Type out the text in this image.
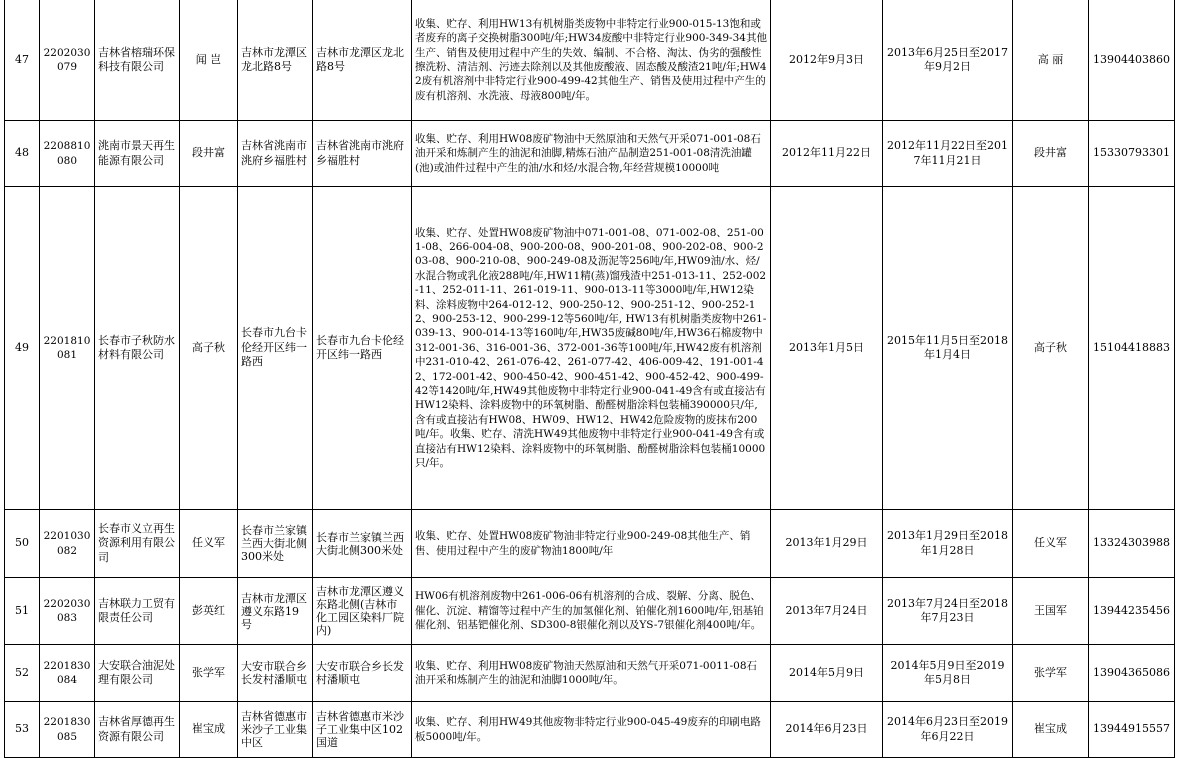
47	2202030079	吉林省榕瑞环保科技有限公司	闻 岂	吉林市龙潭区龙北路8号	吉林市龙潭区龙北路8号	收集、贮存、利用HW13有机树脂类废物中非特定行业900-015-13饱和或者废弃的离子交换树脂300吨/年;HW34废酸中非特定行业900-349-34其他生产、销售及使用过程中产生的失效、编制、不合格、淘汰、伪劣的强酸性擦洗粉、清洁剂、污迹去除剂以及其他废酸液、固态酸及酸渣21吨/年;HW42废有机溶剂中非特定行业900-499-42其他生产、销售及使用过程中产生的废有机溶剂、水洗液、母液800吨/年。	2012年9月3日	2013年6月25日至2017年9月2日	高 丽	13904403860
48	2208810080	洮南市景天再生能源有限公司	段井富	吉林省洮南市洮府乡福胜村	吉林省洮南市洮府乡福胜村	收集、贮存、利用HW08废矿物油中天然原油和天然气开采071-001-08石油开采和炼制产生的油泥和油脚,精炼石油产品制造251-001-08清洗油罐(池)或油件过程中产生的油/水和烃/水混合物,年经营规模10000吨	2012年11月22日	2012年11月22日至2017年11月21日	段井富	15330793301
49	2201810081	长春市子秋防水材料有限公司	高子秋	长春市九台卡伦经开区纬一路西	长春市九台卡伦经开区纬一路西	收集、贮存、处置HW08废矿物油中071-001-08、071-002-08、251-001-08、266-004-08、900-200-08、900-201-08、900-202-08、900-203-08、900-210-08、900-249-08及沥泥等256吨/年,HW09油/水、烃/水混合物或乳化液288吨/年,HW11精(蒸)馏残渣中251-013-11、252-002-11、252-011-11、261-019-11、900-013-11等3000吨/年,HW12染料、涂料废物中264-012-12、900-250-12、900-251-12、900-252-12、900-253-12、900-299-12等560吨/年, HW13有机树脂类废物中261-039-13、900-014-13等160吨/年,HW35废碱80吨/年,HW36石棉废物中312-001-36、316-001-36、372-001-36等100吨/年,HW42废有机溶剂中231-010-42、261-076-42、261-077-42、406-009-42、191-001-42、172-001-42、900-450-42、900-451-42、900-452-42、900-499-42等1420吨/年,HW49其他废物中非特定行业900-041-49含有或直接沾有HW12染料、涂料废物中的环氧树脂、酚醛树脂涂料包装桶390000只/年,含有或直接沾有HW08、HW09、HW12、HW42危险废物的废抹布200吨/年。收集、贮存、清洗HW49其他废物中非特定行业900-041-49含有或直接沾有HW12染料、涂料废物中的环氧树脂、酚醛树脂涂料包装桶10000只/年。	2013年1月5日	2015年11月5日至2018年1月4日	高子秋	15104418883
50	2201030082	长春市义立再生资源利用有限公司	任义军	长春市兰家镇兰西大街北侧300米处	长春市兰家镇兰西大街北侧300米处	收集、贮存、处置HW08废矿物油非特定行业900-249-08其他生产、销售、使用过程中产生的废矿物油1800吨/年	2013年1月29日	2013年1月29日至2018年1月28日	任义军	13324303988
51	2202030083	吉林联力工贸有限责任公司	彭英红	吉林市龙潭区遵义东路19号	吉林市龙潭区遵义东路北侧(吉林市化工园区染料厂院内)	HW06有机溶剂废物中261-006-06有机溶剂的合成、裂解、分离、脱色、催化、沉淀、精馏等过程中产生的加氢催化剂、铂催化剂1600吨/年,铝基铂催化剂、铝基钯催化剂、SD300-8银催化剂以及YS-7银催化剂400吨/年。	2013年7月24日	2013年7月24日至2018年7月23日	王国军	13944235456
52	2201830084	大安联合油泥处理有限公司	张学军	大安市联合乡长发村潘顺屯	大安市联合乡长发村潘顺屯	收集、贮存、利用HW08废矿物油天然原油和天然气开采071-0011-08石油开采和炼制产生的油泥和油脚1000吨/年。	2014年5月9日	2014年5月9日至2019年5月8日	张学军	13904365086
53	2201830085	吉林省厚德再生资源有限公司	崔宝成	吉林省德惠市米沙子工业集中区	吉林省德惠市米沙子工业集中区102国道	收集、贮存、利用HW49其他废物非特定行业900-045-49废弃的印刷电路板5000吨/年。	2014年6月23日	2014年6月23日至2019年6月22日	崔宝成	13944915557
